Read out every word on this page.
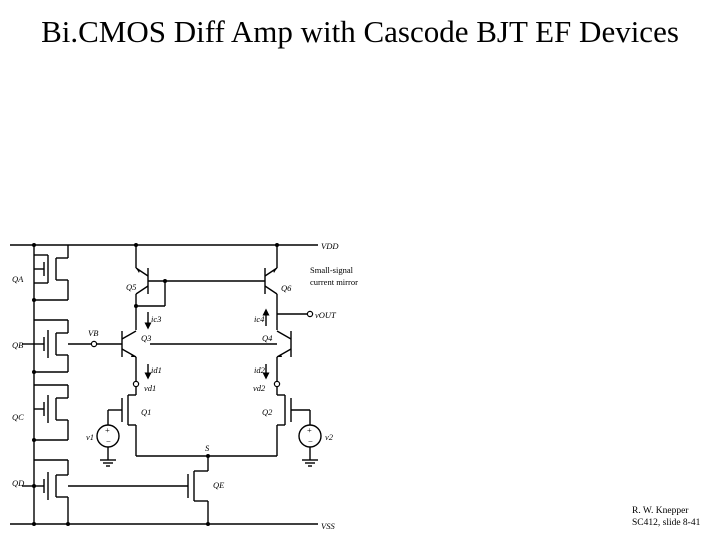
Bi.CMOS Diff Amp with Cascode BJT EF Devices
VDD
VSS
QA
QB
QC
QD
Q5	Q6
Q3	Q4
Q1	Q2
QE
VB
ic3	ic4
id1	id2
vd1	vd2
vOUT
v1	v2
S
Small-signal
current mirror
+
−
+
−
R. W. Knepper
SC412, slide 8-41
